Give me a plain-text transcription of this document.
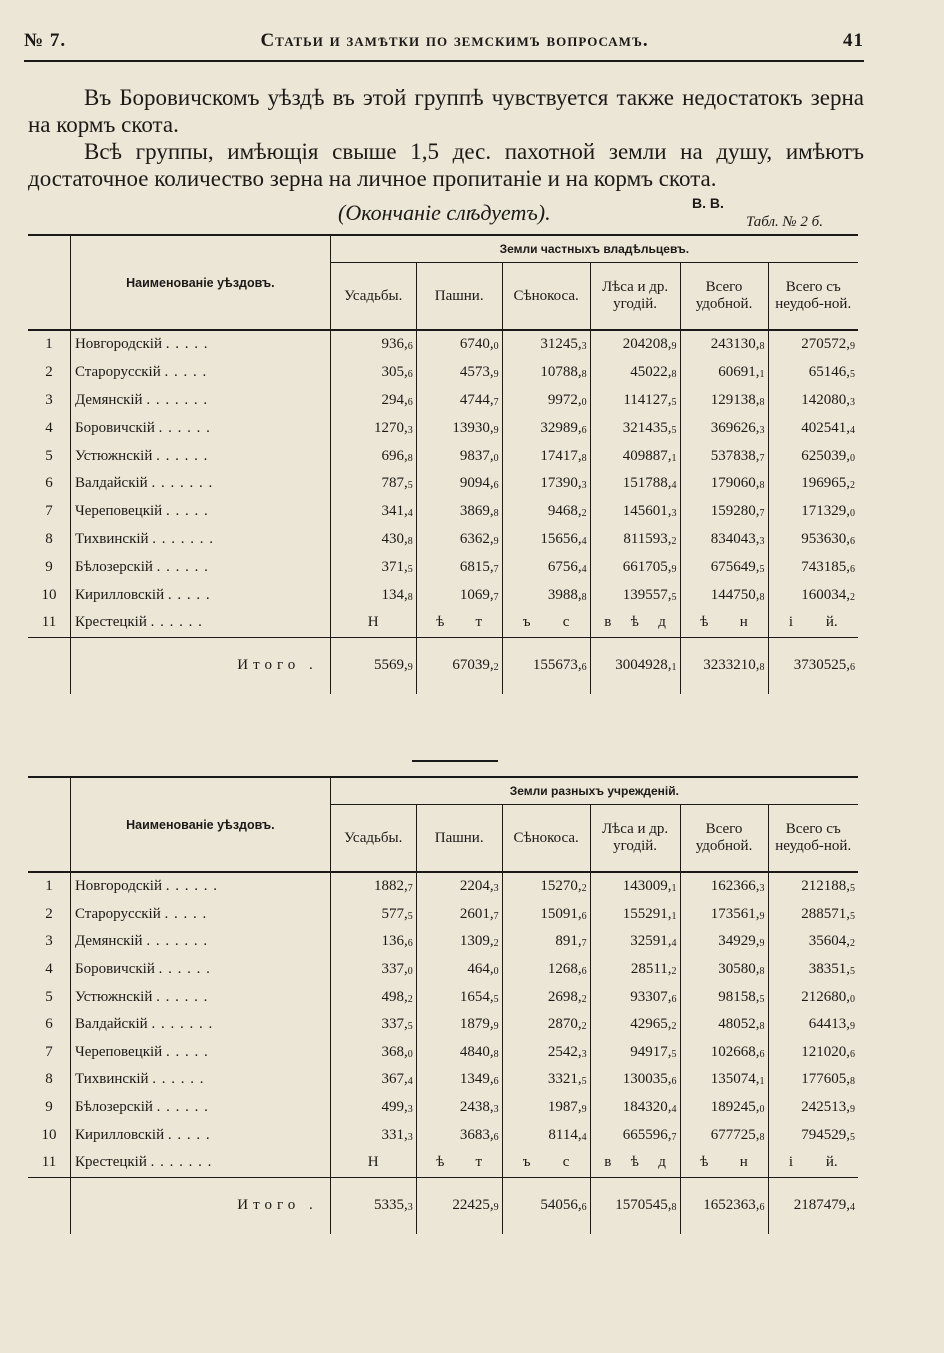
№ 7.	Статьи и замѣтки по земскимъ вопросамъ.	41

Въ Боровичскомъ уѣздѣ въ этой группѣ чувствуется также недостатокъ зерна на кормъ скота.

Всѣ группы, имѣющія свыше 1,5 дес. пахотной земли на душу, имѣютъ достаточное количество зерна на личное пропитаніе и на кормъ скота.

(Окончаніе слѣдуетъ).	В. В.
Табл. № 2 б.

	Наименованіе уѣздовъ.	Земли частныхъ владѣльцевъ.					
		Усадьбы.	Пашни.	Сѣнокоса.	Лѣса и др. угодій.	Всего удобной.	Всего съ неудоб-ной.

1	Новгородскій . . . . .	$936,_6$	$6740,_0$	$31245,_3$	$204208,_9$	$243130,_8$	$270572,_9$
2	Старорусскій . . . . .	$305,_6$	$4573,_9$	$10788,_8$	$45022,_8$	$60691,_1$	$65146,_5$
3	Демянскій . . . . . . .	$294,_6$	$4744,_7$	$9972,_0$	$114127,_5$	$129138,_8$	$142080,_3$
4	Боровичскій . . . . . .	$1270,_3$	$13930,_9$	$32989,_6$	$321435,_5$	$369626,_3$	$402541,_4$
5	Устюжнскій . . . . . .	$696,_8$	$9837,_0$	$17417,_8$	$409887,_1$	$537838,_7$	$625039,_0$
6	Валдайскій . . . . . . .	$787,_5$	$9094,_6$	$17390,_3$	$151788,_4$	$179060,_8$	$196965,_2$
7	Череповецкій . . . . .	$341,_4$	$3869,_8$	$9468,_2$	$145601,_3$	$159280,_7$	$171329,_0$
8	Тихвинскій . . . . . . .	$430,_8$	$6362,_9$	$15656,_4$	$811593,_2$	$834043,_3$	$953630,_6$
9	Бѣлозерскій . . . . . .	$371,_5$	$6815,_7$	$6756,_4$	$661705,_9$	$675649,_5$	$743185,_6$
10	Кирилловскій . . . . .	$134,_8$	$1069,_7$	$3988,_8$	$139557,_5$	$144750,_8$	$160034,_2$
11	Крестецкій . . . . . .	Н	ѣ т	ъ с	в ѣ д	ѣ н	і й.

	Итого .	$5569,_9$	$67039,_2$	$155673,_6$	$3004928,_1$	$3233210,_8$	$3730525,_6$

	Наименованіе уѣздовъ.	Земли разныхъ учрежденій.					
		Усадьбы.	Пашни.	Сѣнокоса.	Лѣса и др. угодій.	Всего удобной.	Всего съ неудоб-ной.

1	Новгородскій . . . . . .	$1882,_7$	$2204,_3$	$15270,_2$	$143009,_1$	$162366,_3$	$212188,_5$
2	Старорусскій . . . . .	$577,_5$	$2601,_7$	$15091,_6$	$155291,_1$	$173561,_9$	$288571,_5$
3	Демянскій . . . . . . .	$136,_6$	$1309,_2$	$891,_7$	$32591,_4$	$34929,_9$	$35604,_2$
4	Боровичскій . . . . . .	$337,_0$	$464,_0$	$1268,_6$	$28511,_2$	$30580,_8$	$38351,_5$
5	Устюжнскій . . . . . .	$498,_2$	$1654,_5$	$2698,_2$	$93307,_6$	$98158,_5$	$212680,_0$
6	Валдайскій . . . . . . .	$337,_5$	$1879,_9$	$2870,_2$	$42965,_2$	$48052,_8$	$64413,_9$
7	Череповецкій . . . . .	$368,_0$	$4840,_8$	$2542,_3$	$94917,_5$	$102668,_6$	$121020,_6$
8	Тихвинскій . . . . . .	$367,_4$	$1349,_6$	$3321,_5$	$130035,_6$	$135074,_1$	$177605,_8$
9	Бѣлозерскій . . . . . .	$499,_3$	$2438,_3$	$1987,_9$	$184320,_4$	$189245,_0$	$242513,_9$
10	Кирилловскій . . . . .	$331,_3$	$3683,_6$	$8114,_4$	$665596,_7$	$677725,_8$	$794529,_5$
11	Крестецкій . . . . . . .	Н	ѣ т	ъ с	в ѣ д	ѣ н	і й.

	Итого .	$5335,_3$	$22425,_9$	$54056,_6$	$1570545,_8$	$1652363,_6$	$2187479,_4$
